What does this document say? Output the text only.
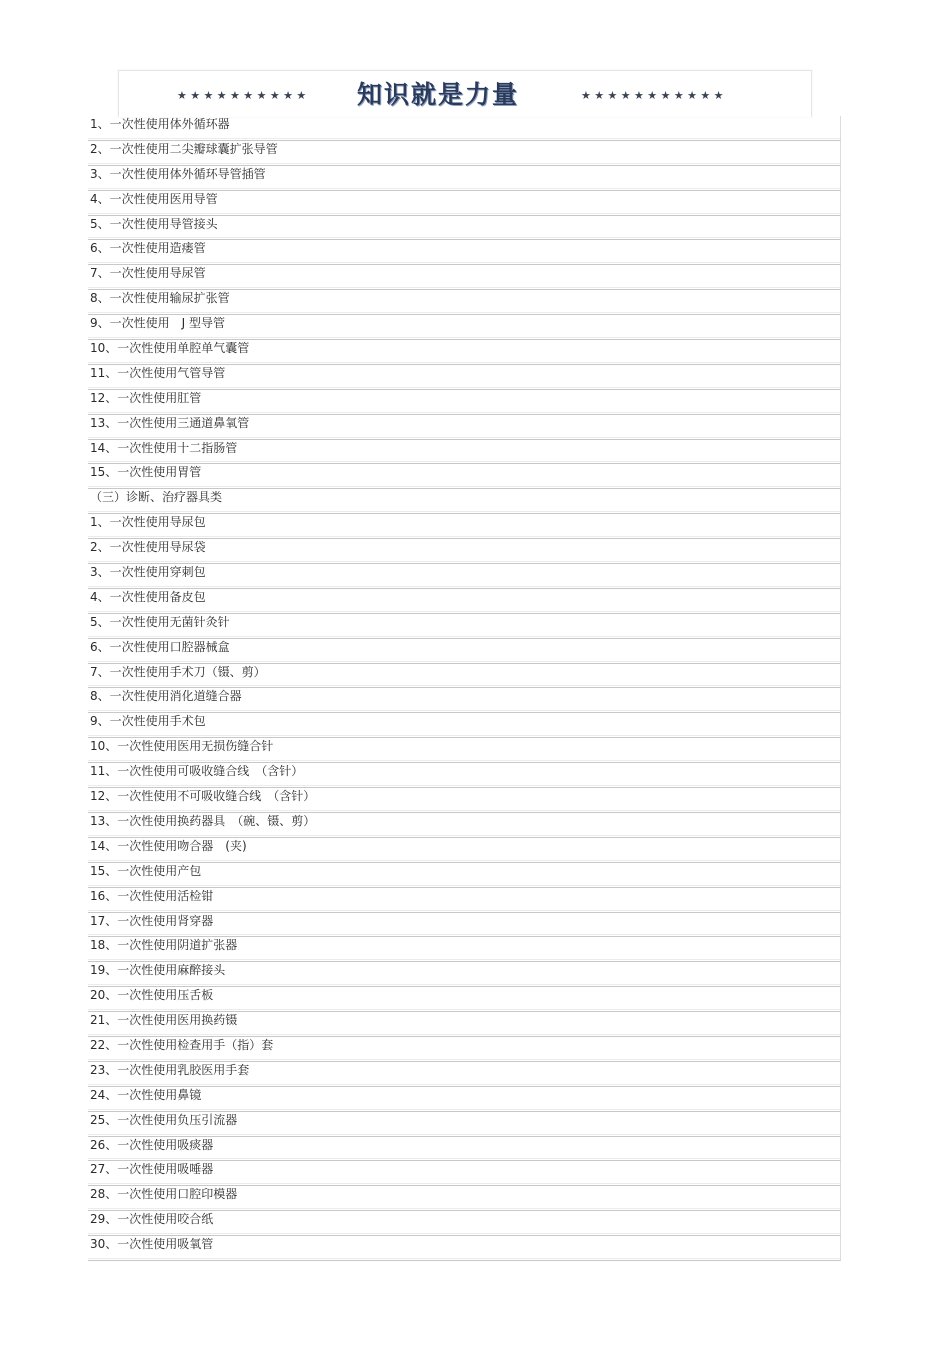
★★★★★★★★★★ 知识就是力量	★★★★★★★★★★★
1、一次性使用体外循环器
2、一次性使用二尖瓣球囊扩张导管
3、一次性使用体外循环导管插管
4、一次性使用医用导管
5、一次性使用导管接头
6、一次性使用造瘘管
7、一次性使用导尿管
8、一次性使用输尿扩张管
9、一次性使用　J 型导管
10、一次性使用单腔单气囊管
11、一次性使用气管导管
12、一次性使用肛管
13、一次性使用三通道鼻氧管
14、一次性使用十二指肠管
15、一次性使用胃管
（三）诊断、治疗器具类
1、一次性使用导尿包
2、一次性使用导尿袋
3、一次性使用穿刺包
4、一次性使用备皮包
5、一次性使用无菌针灸针
6、一次性使用口腔器械盒
7、一次性使用手术刀（镊、剪）
8、一次性使用消化道缝合器
9、一次性使用手术包
10、一次性使用医用无损伤缝合针
11、一次性使用可吸收缝合线　（含针）
12、一次性使用不可吸收缝合线　（含针）
13、一次性使用换药器具　（碗、镊、剪）
14、一次性使用吻合器　(夹)
15、一次性使用产包
16、一次性使用活检钳
17、一次性使用肾穿器
18、一次性使用阴道扩张器
19、一次性使用麻醉接头
20、一次性使用压舌板
21、一次性使用医用换药镊
22、一次性使用检查用手（指）套
23、一次性使用乳胶医用手套
24、一次性使用鼻镜
25、一次性使用负压引流器
26、一次性使用吸痰器
27、一次性使用吸唾器
28、一次性使用口腔印模器
29、一次性使用咬合纸
30、一次性使用吸氧管
